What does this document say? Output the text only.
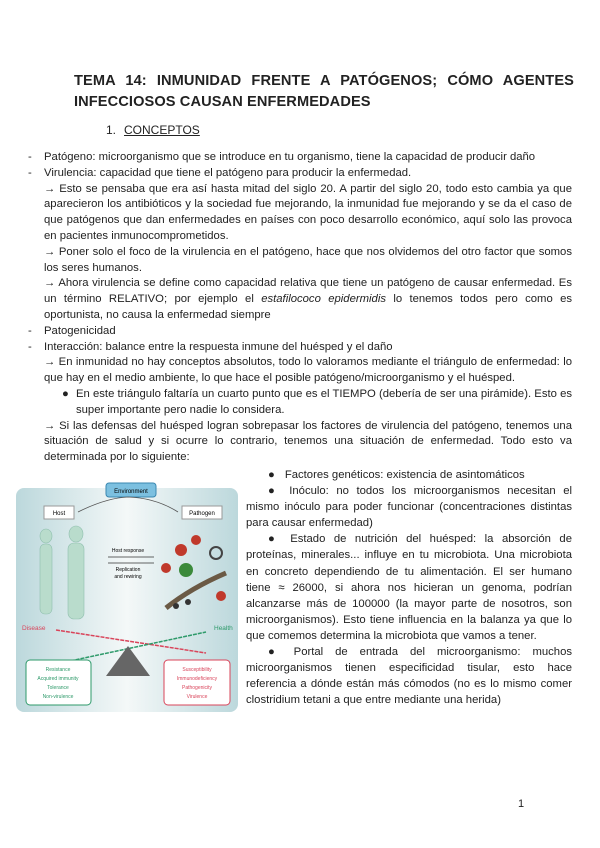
TEMA 14: INMUNIDAD FRENTE A PATÓGENOS; CÓMO AGENTES INFECCIOSOS CAUSAN ENFERMEDADES
1. CONCEPTOS
- Patógeno: microorganismo que se introduce en tu organismo, tiene la capacidad de producir daño
- Virulencia: capacidad que tiene el patógeno para producir la enfermedad.
→ Esto se pensaba que era así hasta mitad del siglo 20. A partir del siglo 20, todo esto cambia ya que aparecieron los antibióticos y la sociedad fue mejorando, la inmunidad fue mejorando y se da el caso de que patógenos que dan enfermedades en países con poco desarrollo económico, aquí solo las provoca en pacientes inmunocomprometidos.
→ Poner solo el foco de la virulencia en el patógeno, hace que nos olvidemos del otro factor que somos los seres humanos.
→ Ahora virulencia se define como capacidad relativa que tiene un patógeno de causar enfermedad. Es un término RELATIVO; por ejemplo el estafilococo epidermidis lo tenemos todos pero como es oportunista, no causa la enfermedad siempre
- Patogenicidad
- Interacción: balance entre la respuesta inmune del huésped y el daño
→ En inmunidad no hay conceptos absolutos, todo lo valoramos mediante el triángulo de enfermedad: lo que hay en el medio ambiente, lo que hace el posible patógeno/microorganismo y el huésped.
● En este triángulo faltaría un cuarto punto que es el TIEMPO (debería de ser una pirámide). Esto es super importante pero nadie lo considera.
→ Si las defensas del huésped logran sobrepasar los factores de virulencia del patógeno, tenemos una situación de salud y si ocurre lo contrario, tenemos una situación de enfermedad. Todo esto va determinada por lo siguiente:
Environment
Host	Pathogen
Host response
Replication
and rewiring
Disease	Health
Resistance
Acquired immunity
Tolerance
Non-virulence
Susceptibility
Immunodeficiency
Pathogenicity
Virulence
● Factores genéticos: existencia de asintomáticos
● Inóculo: no todos los microorganismos necesitan el mismo inóculo para poder funcionar (concentraciones distintas para causar enfermedad)
● Estado de nutrición del huésped: la absorción de proteínas, minerales... influye en tu microbiota. Una microbiota en concreto dependiendo de tu alimentación. El ser humano tiene ≈ 26000, si ahora nos hicieran un genoma, podrían alcanzarse más de 100000 (la mayor parte de nosotros, son microorganismos). Esto tiene influencia en la balanza ya que lo que comemos determina la microbiota que vamos a tener.
● Portal de entrada del microorganismo: muchos microorganismos tienen especificidad tisular, esto hace referencia a dónde están más cómodos (no es lo mismo comer clostridium tetani a que entre mediante una herida)
1
